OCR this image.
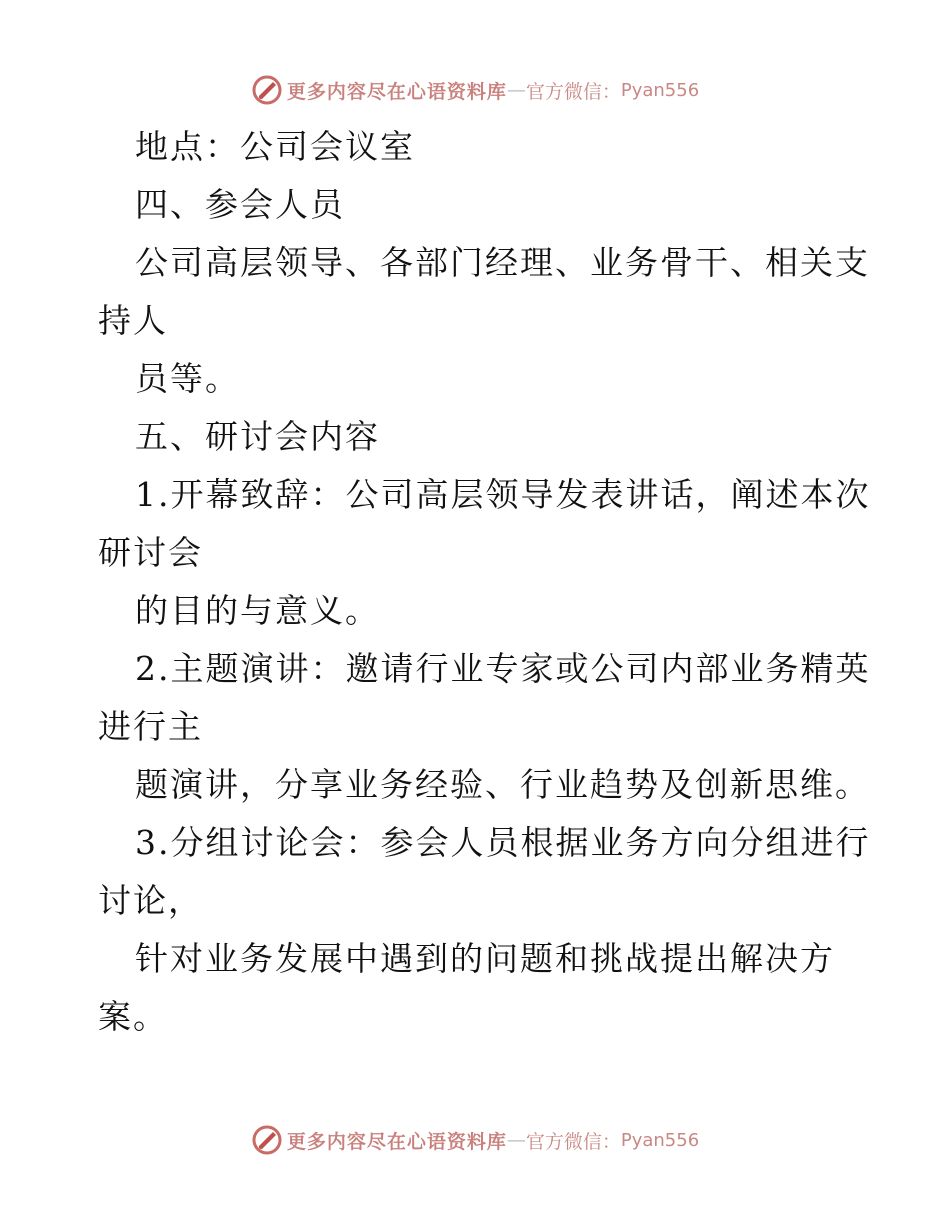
更多内容尽在心语资料库 — 官方微信： Pyan556
地点：公司会议室
四、参会人员
公司高层领导、各部门经理、业务骨干、相关支
持人
员等。
五、研讨会内容
1.开幕致辞：公司高层领导发表讲话，阐述本次
研讨会
的目的与意义。
2.主题演讲：邀请行业专家或公司内部业务精英
进行主
题演讲，分享业务经验、行业趋势及创新思维。
3.分组讨论会：参会人员根据业务方向分组进行
讨论，
针对业务发展中遇到的问题和挑战提出解决方
案。
更多内容尽在心语资料库 — 官方微信： Pyan556
